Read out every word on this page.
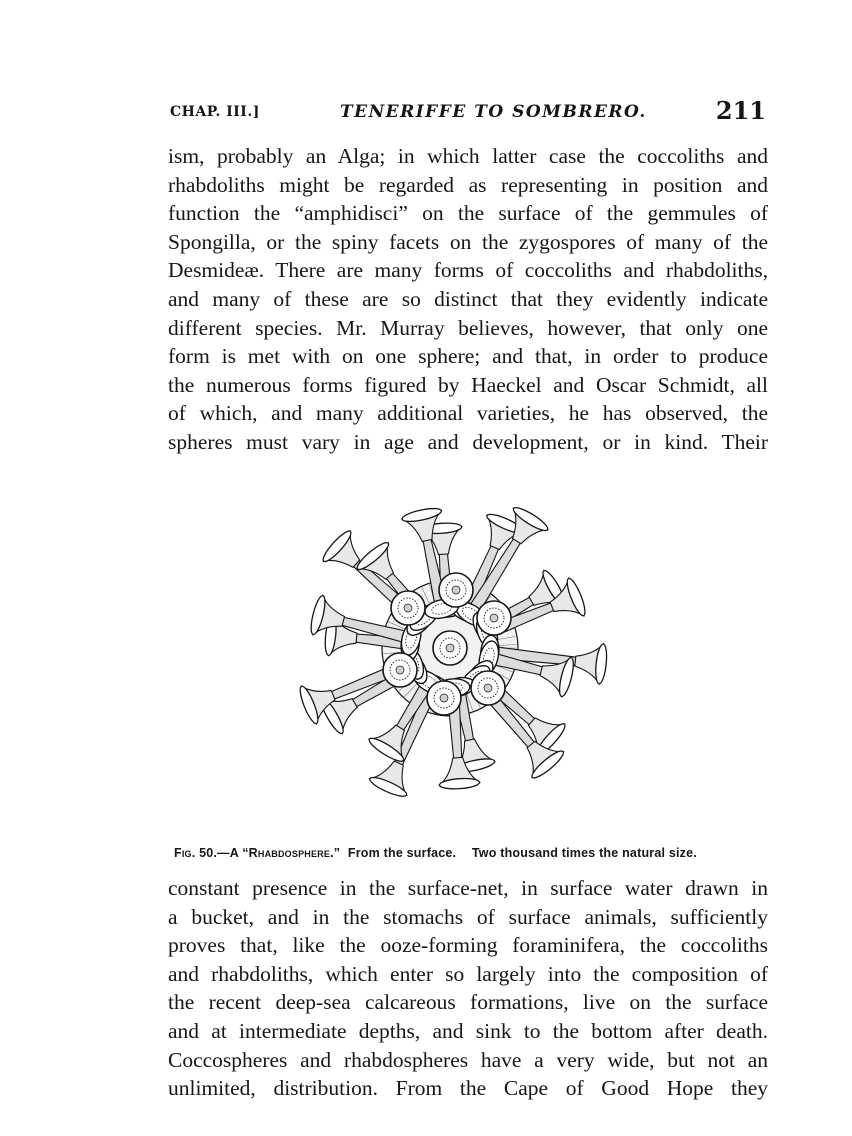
CHAP. III.]	TENERIFFE TO SOMBRERO.	211
ism, probably an Alga; in which latter case the coccoliths and
rhabdoliths might be regarded as representing in position and
function the “amphidisci” on the surface of the gemmules of
Spongilla, or the spiny facets on the zygospores of many of the
Desmideæ. There are many forms of coccoliths and rhabdoliths,
and many of these are so distinct that they evidently indicate
different species. Mr. Murray believes, however, that only one
form is met with on one sphere; and that, in order to produce
the numerous forms figured by Haeckel and Oscar Schmidt, all
of which, and many additional varieties, he has observed, the
spheres must vary in age and development, or in kind. Their
Fig. 50.—A “Rhabdosphere.” From the surface. Two thousand times the natural size.
constant presence in the surface-net, in surface water drawn in
a bucket, and in the stomachs of surface animals, sufficiently
proves that, like the ooze-forming foraminifera, the coccoliths
and rhabdoliths, which enter so largely into the composition of
the recent deep-sea calcareous formations, live on the surface
and at intermediate depths, and sink to the bottom after death.
Coccospheres and rhabdospheres have a very wide, but not an
unlimited, distribution. From the Cape of Good Hope they
